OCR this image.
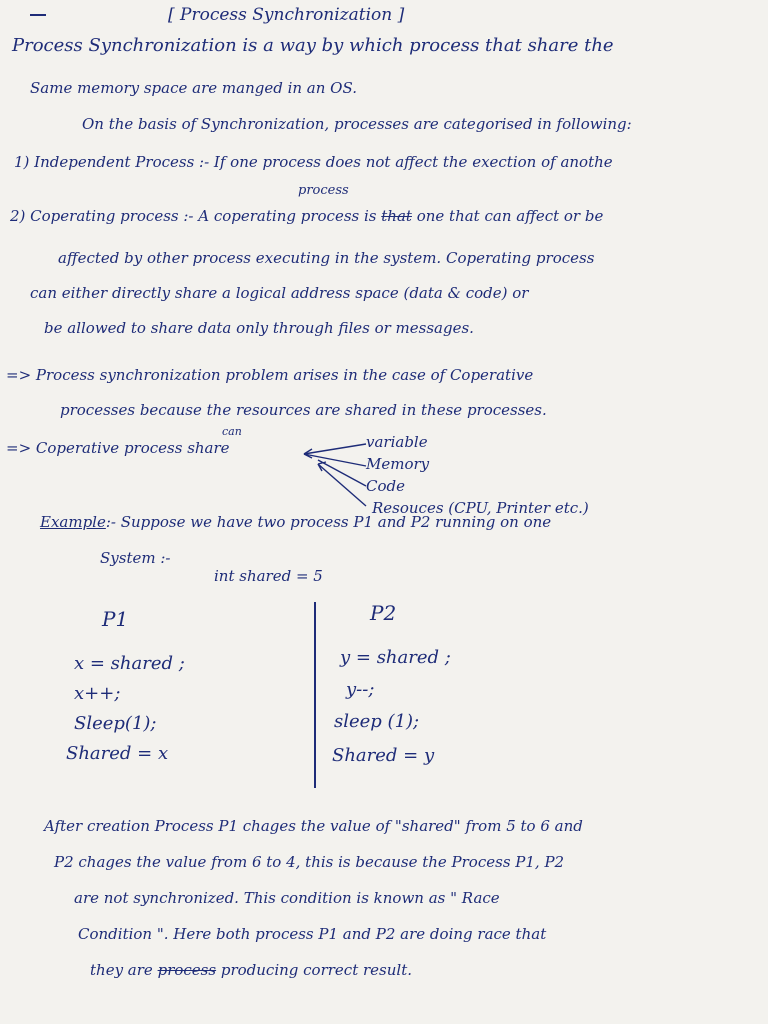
[ Process Synchronization ]
Process Synchronization is a way by which process that share the
Same memory space are manged in an OS.
On the basis of Synchronization, processes are categorised in following:
1) Independent Process :- If one process does not affect the exection of anothe
process
2) Coperating process :- A coperating process is that one that can affect or be
affected by other process executing in the system. Coperating process
can either directly share a logical address space (data & code) or
be allowed to share data only through files or messages.
=> Process synchronization problem arises in the case of Coperative
processes because the resources are shared in these processes.
can
=> Coperative process share	variable
Memory
Code
Resouces (CPU, Printer etc.)
Example:- Suppose we have two process P1 and P2 running on one
System :-
int shared = 5
P1	P2
x = shared ;
x++;
Sleep(1);
Shared = x
y = shared ;
y--;
sleep (1);
Shared = y
After creation Process P1 chages the value of "shared" from 5 to 6 and
P2 chages the value from 6 to 4, this is because the Process P1, P2
are not synchronized. This condition is known as " Race
Condition ". Here both process P1 and P2 are doing race that
they are process producing correct result.
